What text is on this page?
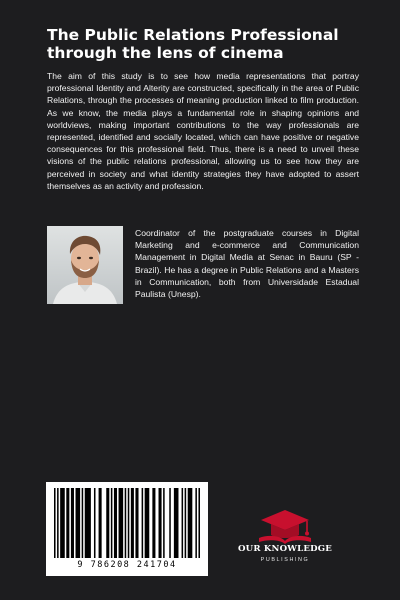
The Public Relations Professional through the lens of cinema

The aim of this study is to see how media representations that portray professional Identity and Alterity are constructed, specifically in the area of Public Relations, through the processes of meaning production linked to film production. As we know, the media plays a fundamental role in shaping opinions and worldviews, making important contributions to the way professionals are represented, identified and socially located, which can have positive or negative consequences for this professional field. Thus, there is a need to unveil these visions of the public relations professional, allowing us to see how they are perceived in society and what identity strategies they have adopted to assert themselves as an activity and profession.

Coordinator of the postgraduate courses in Digital Marketing and e-commerce and Communication Management in Digital Media at Senac in Bauru (SP - Brazil). He has a degree in Public Relations and a Masters in Communication, both from Universidade Estadual Paulista (Unesp).

9 786208 241704
OUR KNOWLEDGE
PUBLISHING
